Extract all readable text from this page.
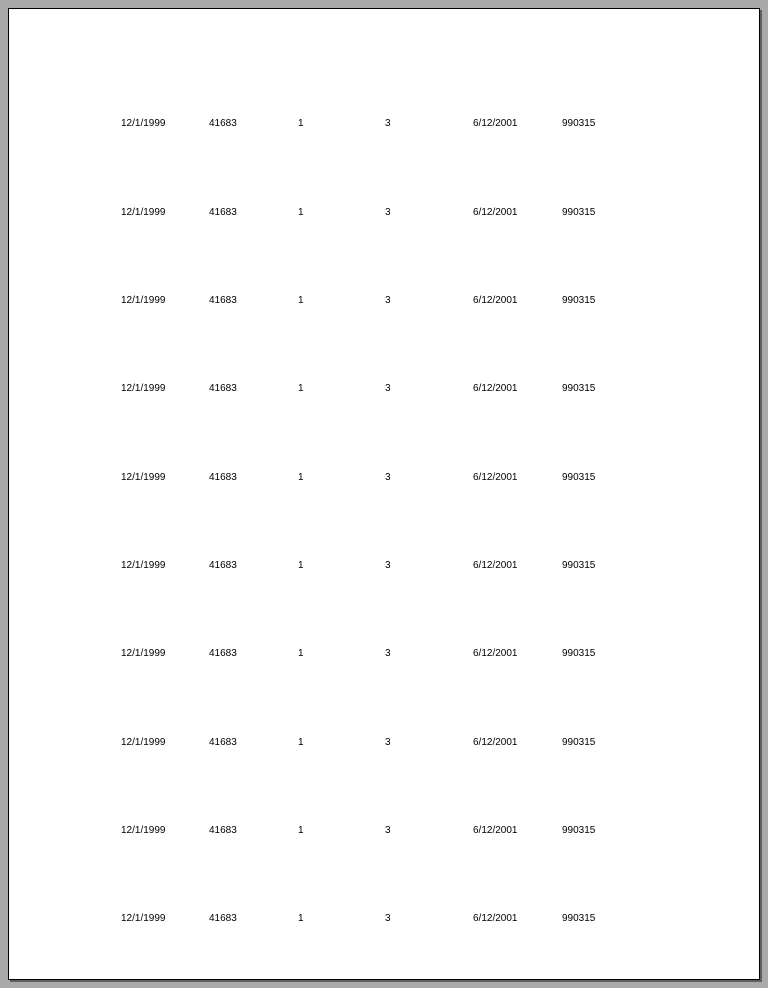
12/1/1999	41683	1	3	6/12/2001	990315
12/1/1999	41683	1	3	6/12/2001	990315
12/1/1999	41683	1	3	6/12/2001	990315
12/1/1999	41683	1	3	6/12/2001	990315
12/1/1999	41683	1	3	6/12/2001	990315
12/1/1999	41683	1	3	6/12/2001	990315
12/1/1999	41683	1	3	6/12/2001	990315
12/1/1999	41683	1	3	6/12/2001	990315
12/1/1999	41683	1	3	6/12/2001	990315
12/1/1999	41683	1	3	6/12/2001	990315
